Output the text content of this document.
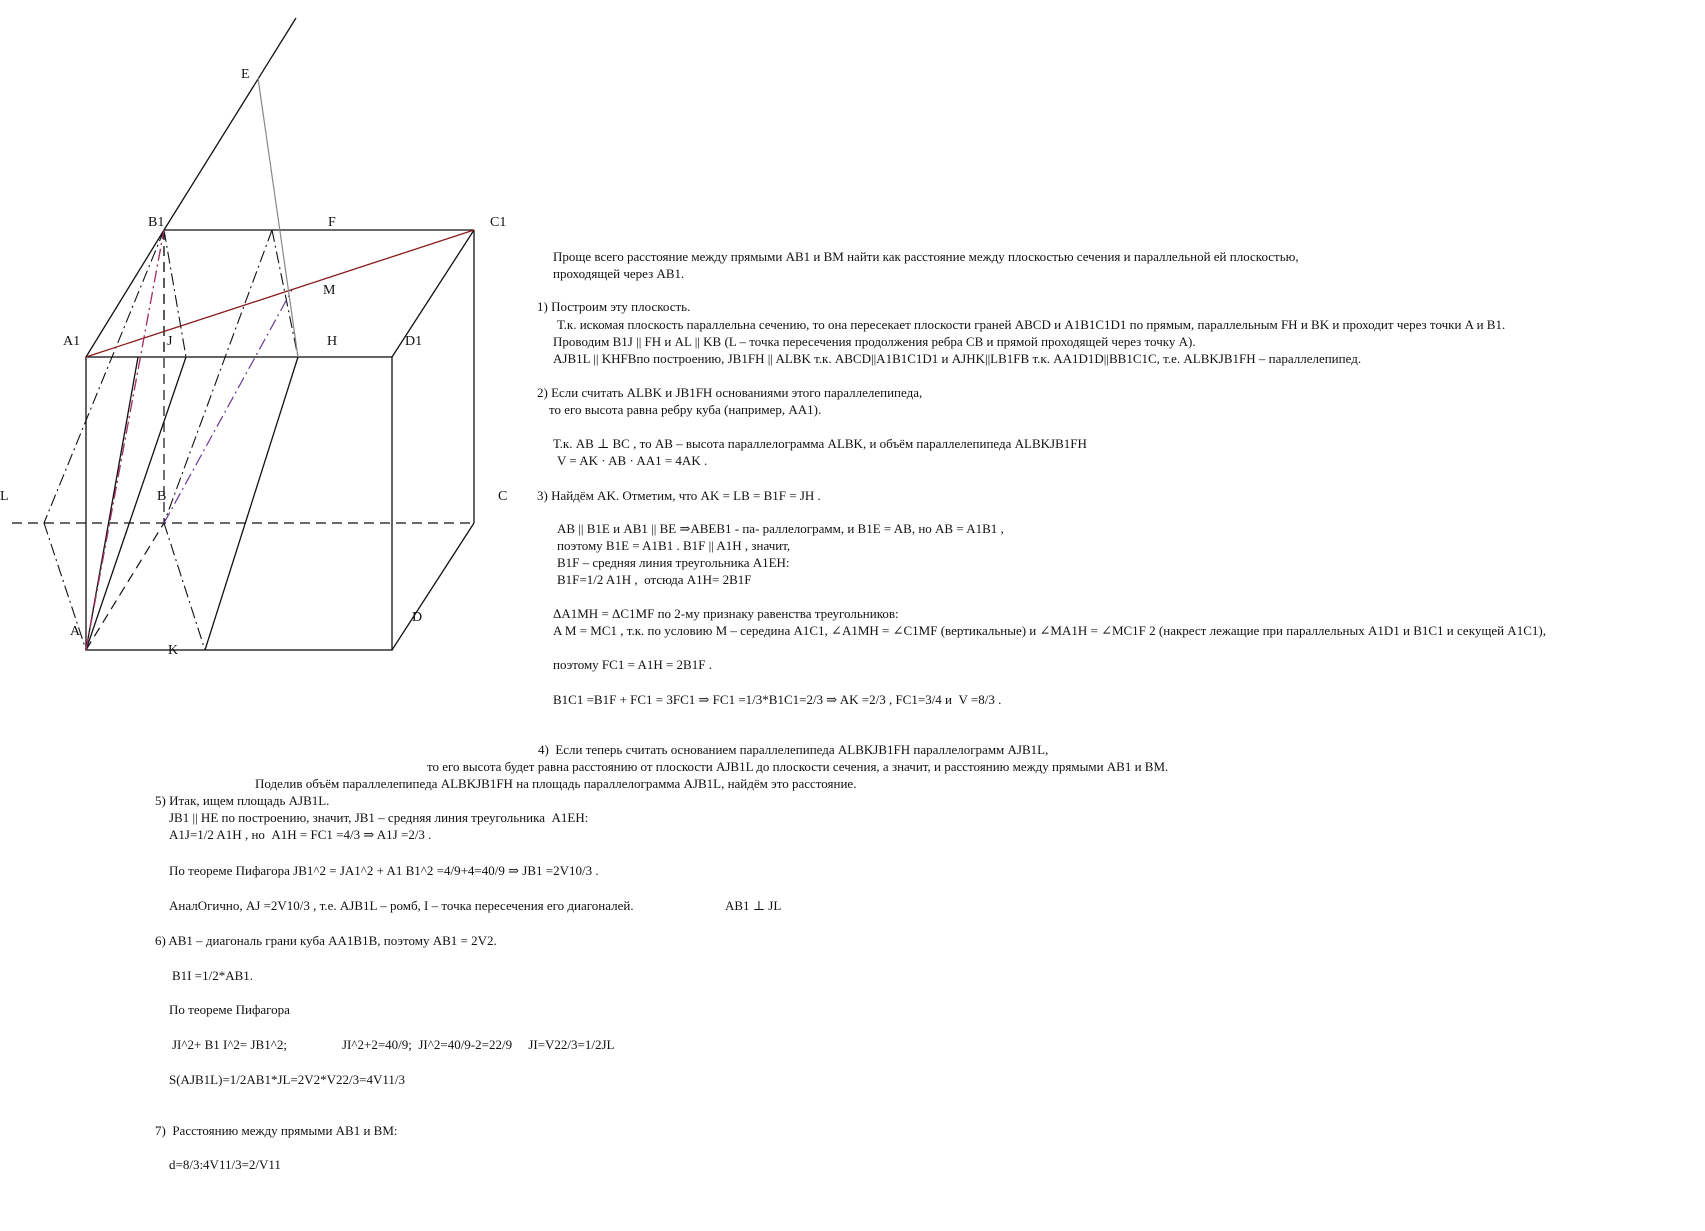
E
B1	F	C1
M
A1	J	H	D1
L	B	C
D
A
K
Проще всего расстояние между прямыми AB1 и BM найти как расстояние между плоскостью сечения и параллельной ей плоскостью,
проходящей через AB1.
1) Построим эту плоскость.
Т.к. искомая плоскость параллельна сечению, то она пересекает плоскости граней ABCD и A1B1C1D1 по прямым, параллельным FH и BK и проходит через точки A и B1.
Проводим B1J || FH и AL || KB (L – точка пересечения продолжения ребра CB и прямой проходящей через точку A).
AJB1L || KHFBпо построению, JB1FH || ALBK т.к. ABCD||A1B1C1D1 и AJHK||LB1FB т.к. AA1D1D||BB1C1C, т.е. ALBKJB1FH – параллелепипед.
2) Если считать ALBK и JB1FH основаниями этого параллелепипеда,
то его высота равна ребру куба (например, AA1).
Т.к. AB ⊥ BC , то AB – высота параллелограмма ALBK, и объём параллелепипеда ALBKJB1FH
V = AK · AB · AA1 = 4AK .
3) Найдём AK. Отметим, что AK = LB = B1F = JH .
AB || B1E и AB1 || BE ⇒ABEB1 - па- раллелограмм, и B1E = AB, но AB = A1B1 ,
поэтому B1E = A1B1 . B1F || A1H , значит,
B1F – средняя линия треугольника A1EH:
B1F=1/2 A1H ,  отсюда A1H= 2B1F
ΔA1MH = ΔC1MF по 2-му признаку равенства треугольников:
A M = MC1 , т.к. по условию M – середина A1C1, ∠A1MH = ∠C1MF (вертикальные) и ∠MA1H = ∠MC1F 2 (накрест лежащие при параллельных A1D1 и B1C1 и секущей A1C1),
поэтому FC1 = A1H = 2B1F .
B1C1 =B1F + FC1 = 3FC1 ⇒ FC1 =1/3*B1C1=2/3 ⇒ AK =2/3 , FC1=3/4 и  V =8/3 .
4)  Если теперь считать основанием параллелепипеда ALBKJB1FH параллелограмм AJB1L,
то его высота будет равна расстоянию от плоскости AJB1L до плоскости сечения, а значит, и расстоянию между прямыми AB1 и BM.
Поделив объём параллелепипеда ALBKJB1FH на площадь параллелограмма AJB1L, найдём это расстояние.
5) Итак, ищем площадь AJB1L.
JB1 || HE по построению, значит, JB1 – средняя линия треугольника  A1EH:
A1J=1/2 A1H , но  A1H = FC1 =4/3 ⇒ A1J =2/3 .
По теореме Пифагора JB1^2 = JA1^2 + A1 B1^2 =4/9+4=40/9 ⇒ JB1 =2V10/3 .
АналОгично, AJ =2V10/3 , т.е. AJB1L – ромб, I – точка пересечения его диагоналей.	AB1 ⊥ JL
6) AB1 – диагональ грани куба AA1B1B, поэтому AB1 = 2V2.
B1I =1/2*AB1.
По теореме Пифагора
JI^2+ B1 I^2= JB1^2;	JI^2+2=40/9;  JI^2=40/9-2=22/9     JI=V22/3=1/2JL
S(AJB1L)=1/2AB1*JL=2V2*V22/3=4V11/3
7)  Расстоянию между прямыми AB1 и BM:
d=8/3:4V11/3=2/V11
